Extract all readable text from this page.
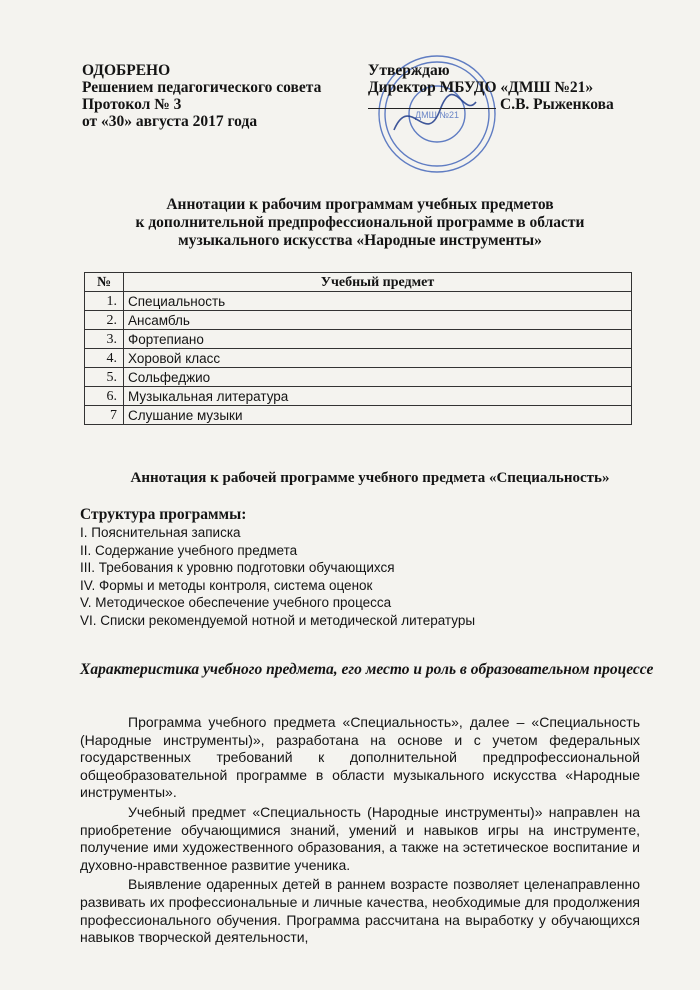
ОДОБРЕНО
Решением педагогического совета
Протокол № 3
от «30» августа 2017 года	ДМШ №21
Утверждаю
Директор МБУДО «ДМШ №21»
С.В. Рыженкова
Аннотации к рабочим программам учебных предметов
к дополнительной предпрофессиональной программе в области
музыкального искусства «Народные инструменты»
№	Учебный предмет
1.	Специальность
2.	Ансамбль
3.	Фортепиано
4.	Хоровой класс
5.	Сольфеджио
6.	Музыкальная литература
7	Слушание музыки
Аннотация к рабочей программе учебного предмета «Специальность»
Структура программы:
I. Пояснительная записка
II. Содержание учебного предмета
III. Требования к уровню подготовки обучающихся
IV. Формы и методы контроля, система оценок
V. Методическое обеспечение учебного процесса
VI. Списки рекомендуемой нотной и методической литературы
Характеристика учебного предмета, его место и роль в образовательном процессе

Программа учебного предмета «Специальность», далее – «Специальность (Народные инструменты)», разработана на основе и с учетом федеральных государственных требований к дополнительной предпрофессиональной общеобразовательной программе в области музыкального искусства «Народные инструменты».

Учебный предмет «Специальность (Народные инструменты)» направлен на приобретение обучающимися знаний, умений и навыков игры на инструменте, получение ими художественного образования, а также на эстетическое воспитание и духовно-нравственное развитие ученика.

Выявление одаренных детей в раннем возрасте позволяет целенаправленно развивать их профессиональные и личные качества, необходимые для продолжения профессионального обучения. Программа рассчитана на выработку у обучающихся навыков творческой деятельности,
